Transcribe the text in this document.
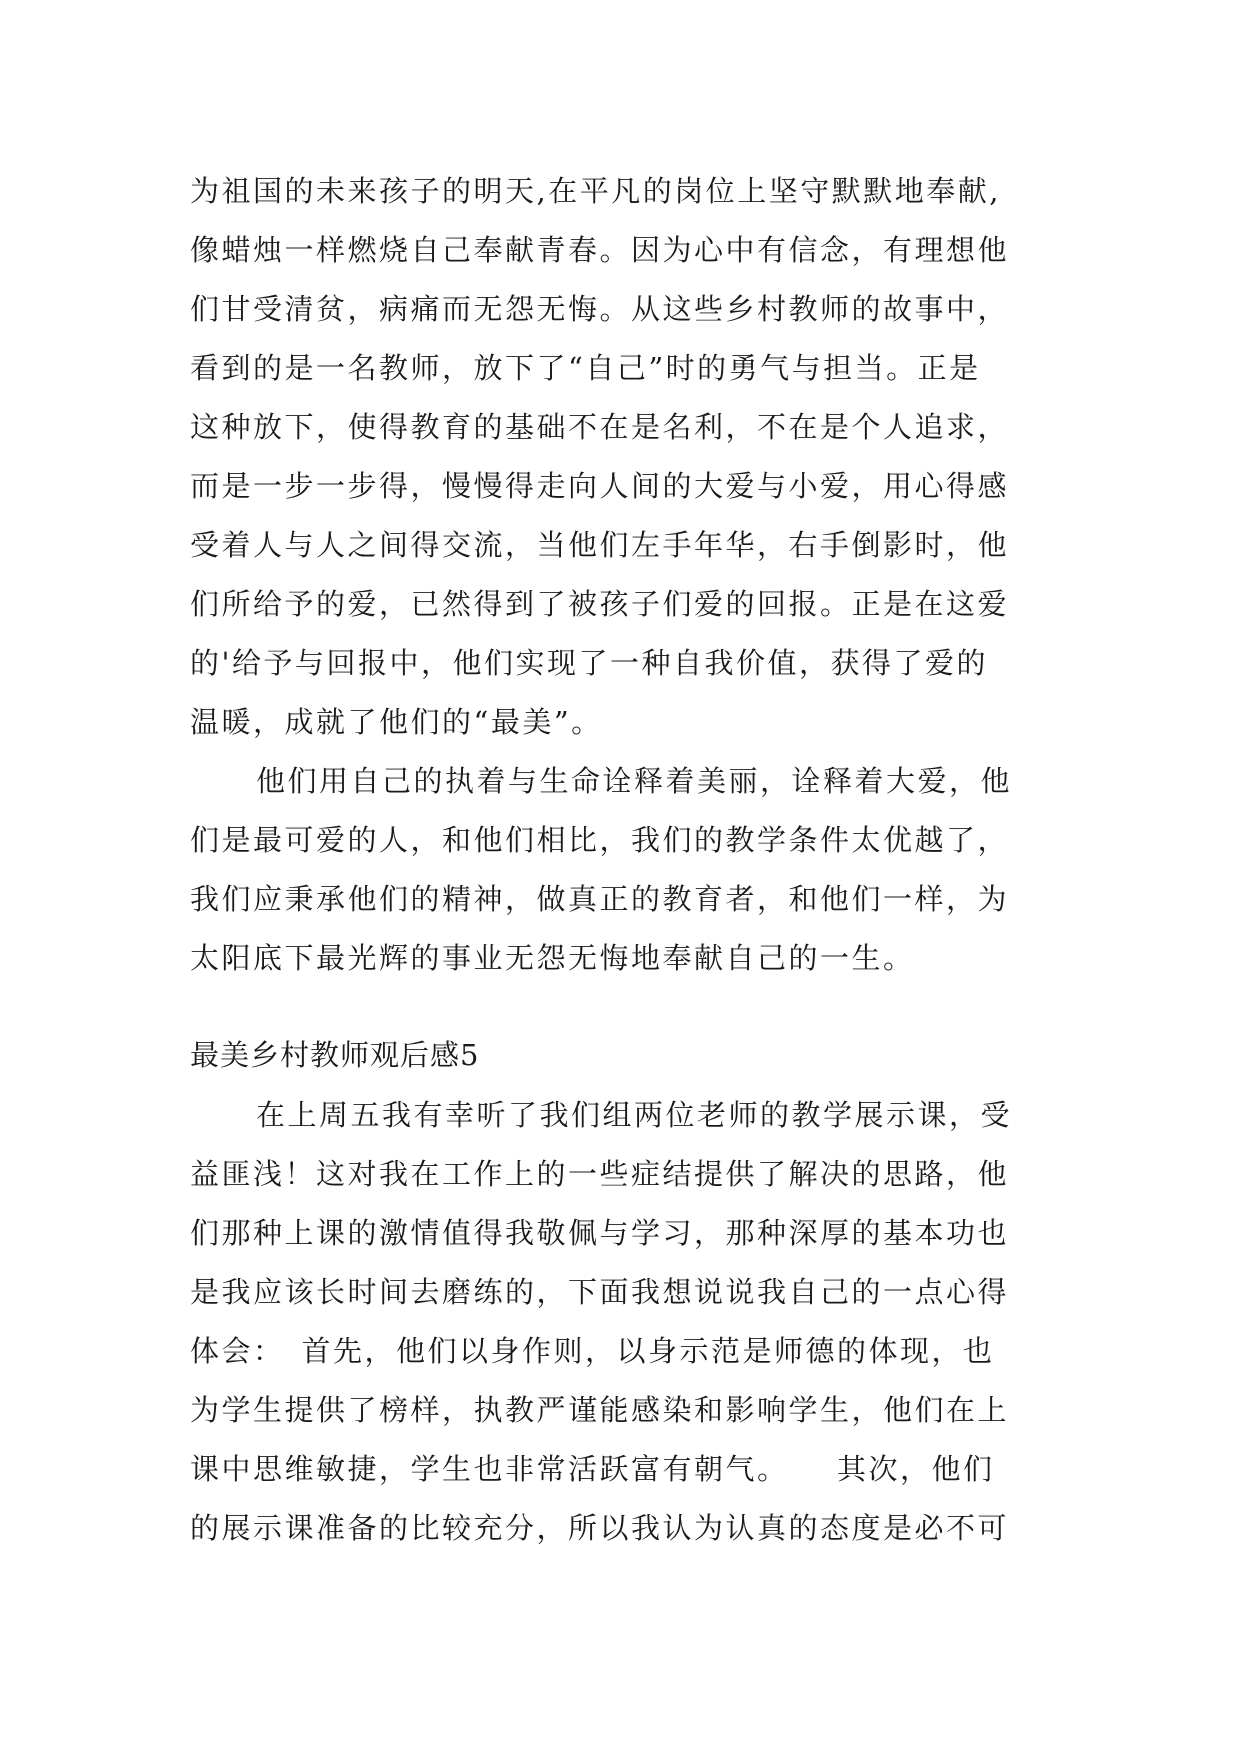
为祖国的未来孩子的明天,在平凡的岗位上坚守默默地奉献,
像蜡烛一样燃烧自己奉献青春。因为心中有信念，有理想他
们甘受清贫，病痛而无怨无悔。从这些乡村教师的故事中，
看到的是一名教师，放下了“自己”时的勇气与担当。正是
这种放下，使得教育的基础不在是名利，不在是个人追求，
而是一步一步得，慢慢得走向人间的大爱与小爱，用心得感
受着人与人之间得交流，当他们左手年华，右手倒影时，他
们所给予的爱，已然得到了被孩子们爱的回报。正是在这爱
的'给予与回报中，他们实现了一种自我价值，获得了爱的
温暖，成就了他们的“最美”。
他们用自己的执着与生命诠释着美丽，诠释着大爱，他
们是最可爱的人，和他们相比，我们的教学条件太优越了，
我们应秉承他们的精神，做真正的教育者，和他们一样，为
太阳底下最光辉的事业无怨无悔地奉献自己的一生。
最美乡村教师观后感5
在上周五我有幸听了我们组两位老师的教学展示课，受
益匪浅！这对我在工作上的一些症结提供了解决的思路，他
们那种上课的激情值得我敬佩与学习，那种深厚的基本功也
是我应该长时间去磨练的，下面我想说说我自己的一点心得
体会：　首先，他们以身作则，以身示范是师德的体现，也
为学生提供了榜样，执教严谨能感染和影响学生，他们在上
课中思维敏捷，学生也非常活跃富有朝气。　　其次，他们
的展示课准备的比较充分，所以我认为认真的态度是必不可
